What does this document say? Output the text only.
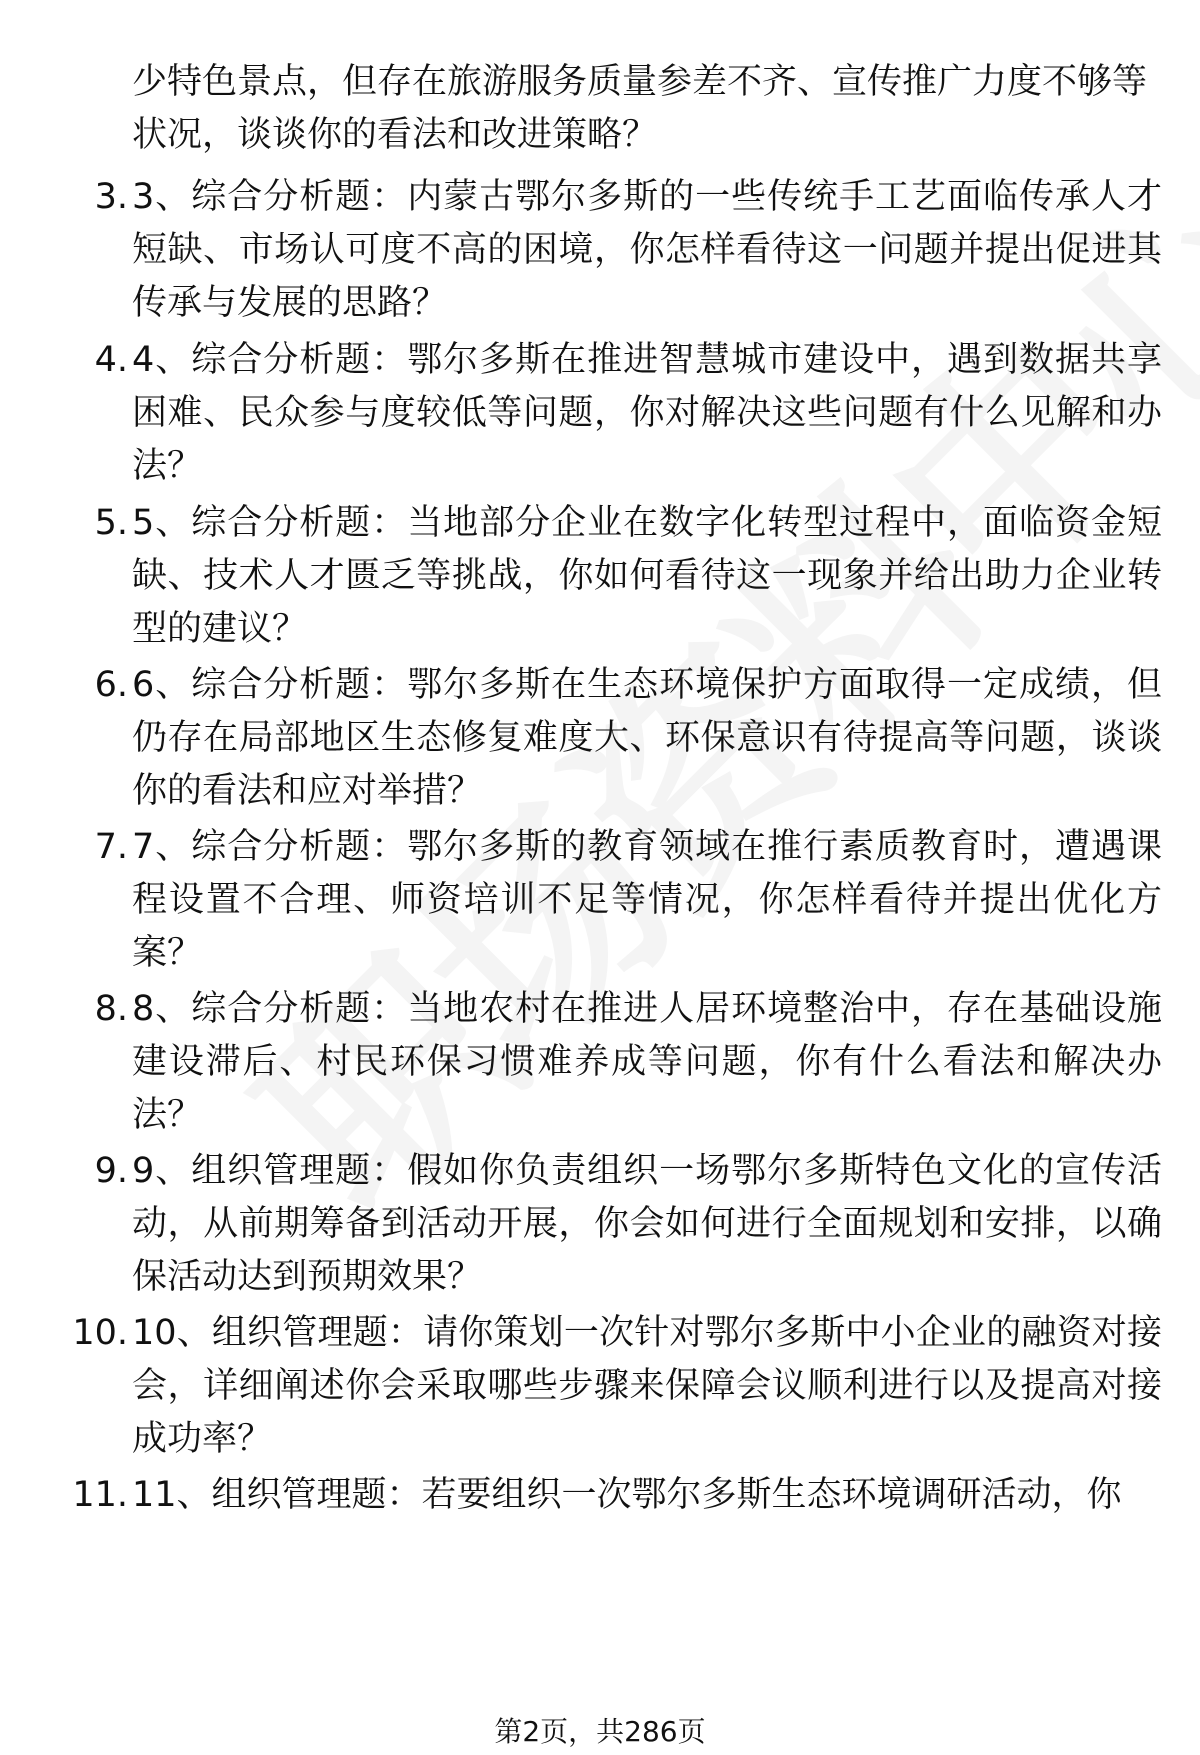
少特色景点，但存在旅游服务质量参差不齐、宣传推广力度不够等状况，谈谈你的看法和改进策略？
3. 3、综合分析题：内蒙古鄂尔多斯的一些传统手工艺面临传承人才短缺、市场认可度不高的困境，你怎样看待这一问题并提出促进其传承与发展的思路？
4. 4、综合分析题：鄂尔多斯在推进智慧城市建设中，遇到数据共享困难、民众参与度较低等问题，你对解决这些问题有什么见解和办法？
5. 5、综合分析题：当地部分企业在数字化转型过程中，面临资金短缺、技术人才匮乏等挑战，你如何看待这一现象并给出助力企业转型的建议？
6. 6、综合分析题：鄂尔多斯在生态环境保护方面取得一定成绩，但仍存在局部地区生态修复难度大、环保意识有待提高等问题，谈谈你的看法和应对举措？
7. 7、综合分析题：鄂尔多斯的教育领域在推行素质教育时，遭遇课程设置不合理、师资培训不足等情况，你怎样看待并提出优化方案？
8. 8、综合分析题：当地农村在推进人居环境整治中，存在基础设施建设滞后、村民环保习惯难养成等问题，你有什么看法和解决办法？
9. 9、组织管理题：假如你负责组织一场鄂尔多斯特色文化的宣传活动，从前期筹备到活动开展，你会如何进行全面规划和安排，以确保活动达到预期效果？
10. 10、组织管理题：请你策划一次针对鄂尔多斯中小企业的融资对接会，详细阐述你会采取哪些步骤来保障会议顺利进行以及提高对接成功率？
11. 11、组织管理题：若要组织一次鄂尔多斯生态环境调研活动，你
第2页，共286页
